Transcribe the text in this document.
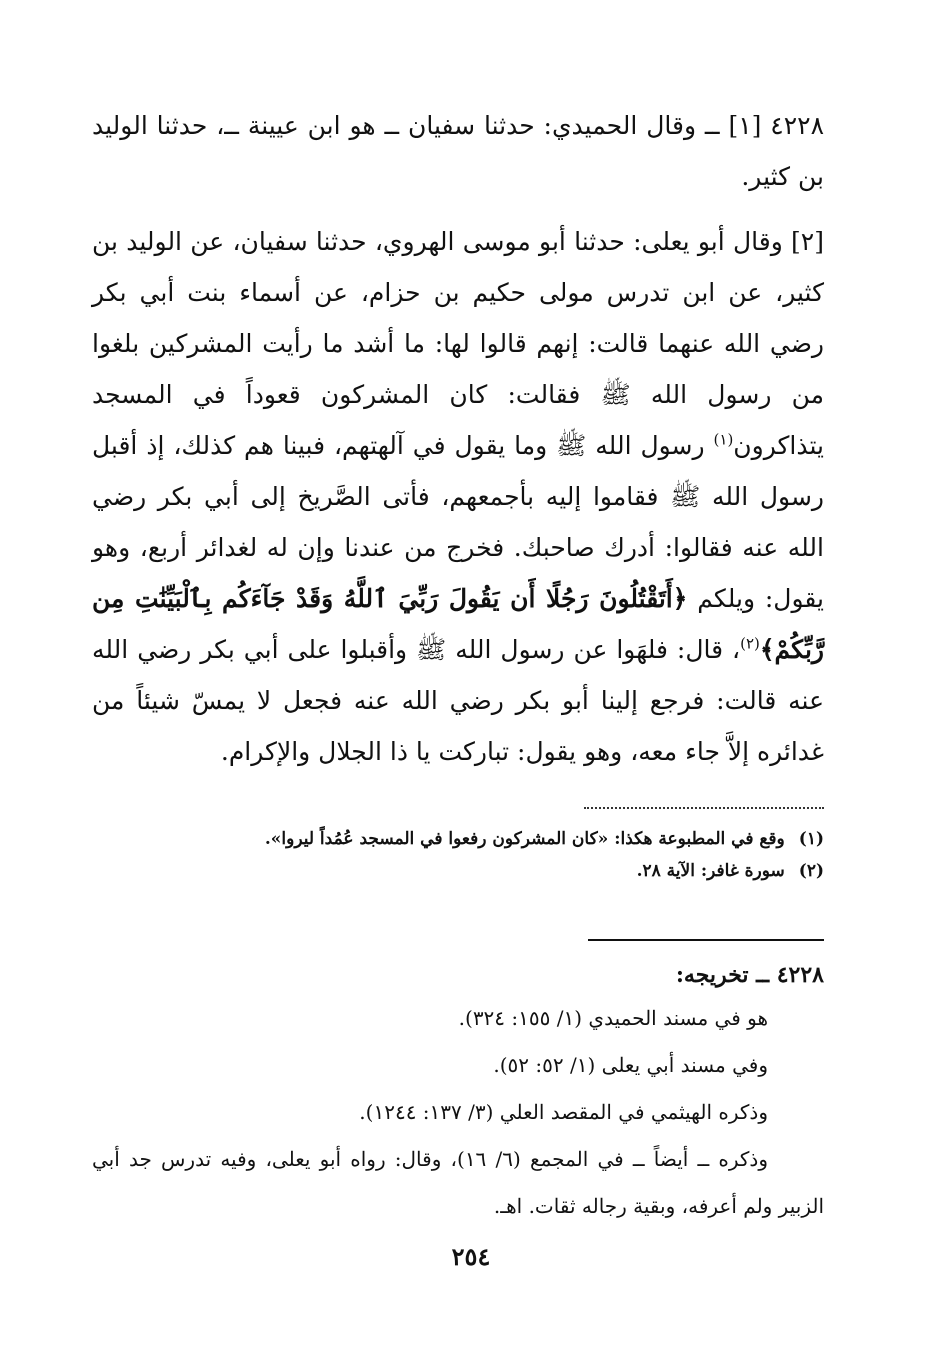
٤٢٢٨ [١] ــ وقال الحميدي: حدثنا سفيان ــ هو ابن عيينة ــ، حدثنا الوليد بن كثير.

[٢] وقال أبو يعلى: حدثنا أبو موسى الهروي، حدثنا سفيان، عن الوليد بن كثير، عن ابن تدرس مولى حكيم بن حزام، عن أسماء بنت أبي بكر رضي الله عنهما قالت: إنهم قالوا لها: ما أشد ما رأيت المشركين بلغوا من رسول الله ﷺ فقالت: كان المشركون قعوداً في المسجد يتذاكرون$^{(١)}$ رسول الله ﷺ وما يقول في آلهتهم، فبينا هم كذلك، إذ أقبل رسول الله ﷺ فقاموا إليه بأجمعهم، فأتى الصَّريخ إلى أبي بكر رضي الله عنه فقالوا: أدرك صاحبك. فخرج من عندنا وإن له لغدائر أربع، وهو يقول: ويلكم ﴿أَتَقْتُلُونَ رَجُلًا أَن يَقُولَ رَبِّيَ ٱللَّهُ وَقَدْ جَآءَكُم بِٱلْبَيِّنَٰتِ مِن رَّبِّكُمْ﴾$^{(٢)}$، قال: فلهَوا عن رسول الله ﷺ وأقبلوا على أبي بكر رضي الله عنه قالت: فرجع إلينا أبو بكر رضي الله عنه فجعل لا يمسّ شيئاً من غدائره إلاَّ جاء معه، وهو يقول: تباركت يا ذا الجلال والإكرام.

(١)وقع في المطبوعة هكذا: «كان المشركون رفعوا في المسجد عُمُداً ليروا».
(٢)سورة غافر: الآية ٢٨.
٤٢٢٨ ــ تخريجه:
هو في مسند الحميدي (١/ ١٥٥: ٣٢٤).
وفي مسند أبي يعلى (١/ ٥٢: ٥٢).
وذكره الهيثمي في المقصد العلي (٣/ ١٣٧: ١٢٤٤).
وذكره ــ أيضاً ــ في المجمع (٦/ ١٦)، وقال: رواه أبو يعلى، وفيه تدرس جد أبي الزبير ولم أعرفه، وبقية رجاله ثقات. اهـ.
٢٥٤
